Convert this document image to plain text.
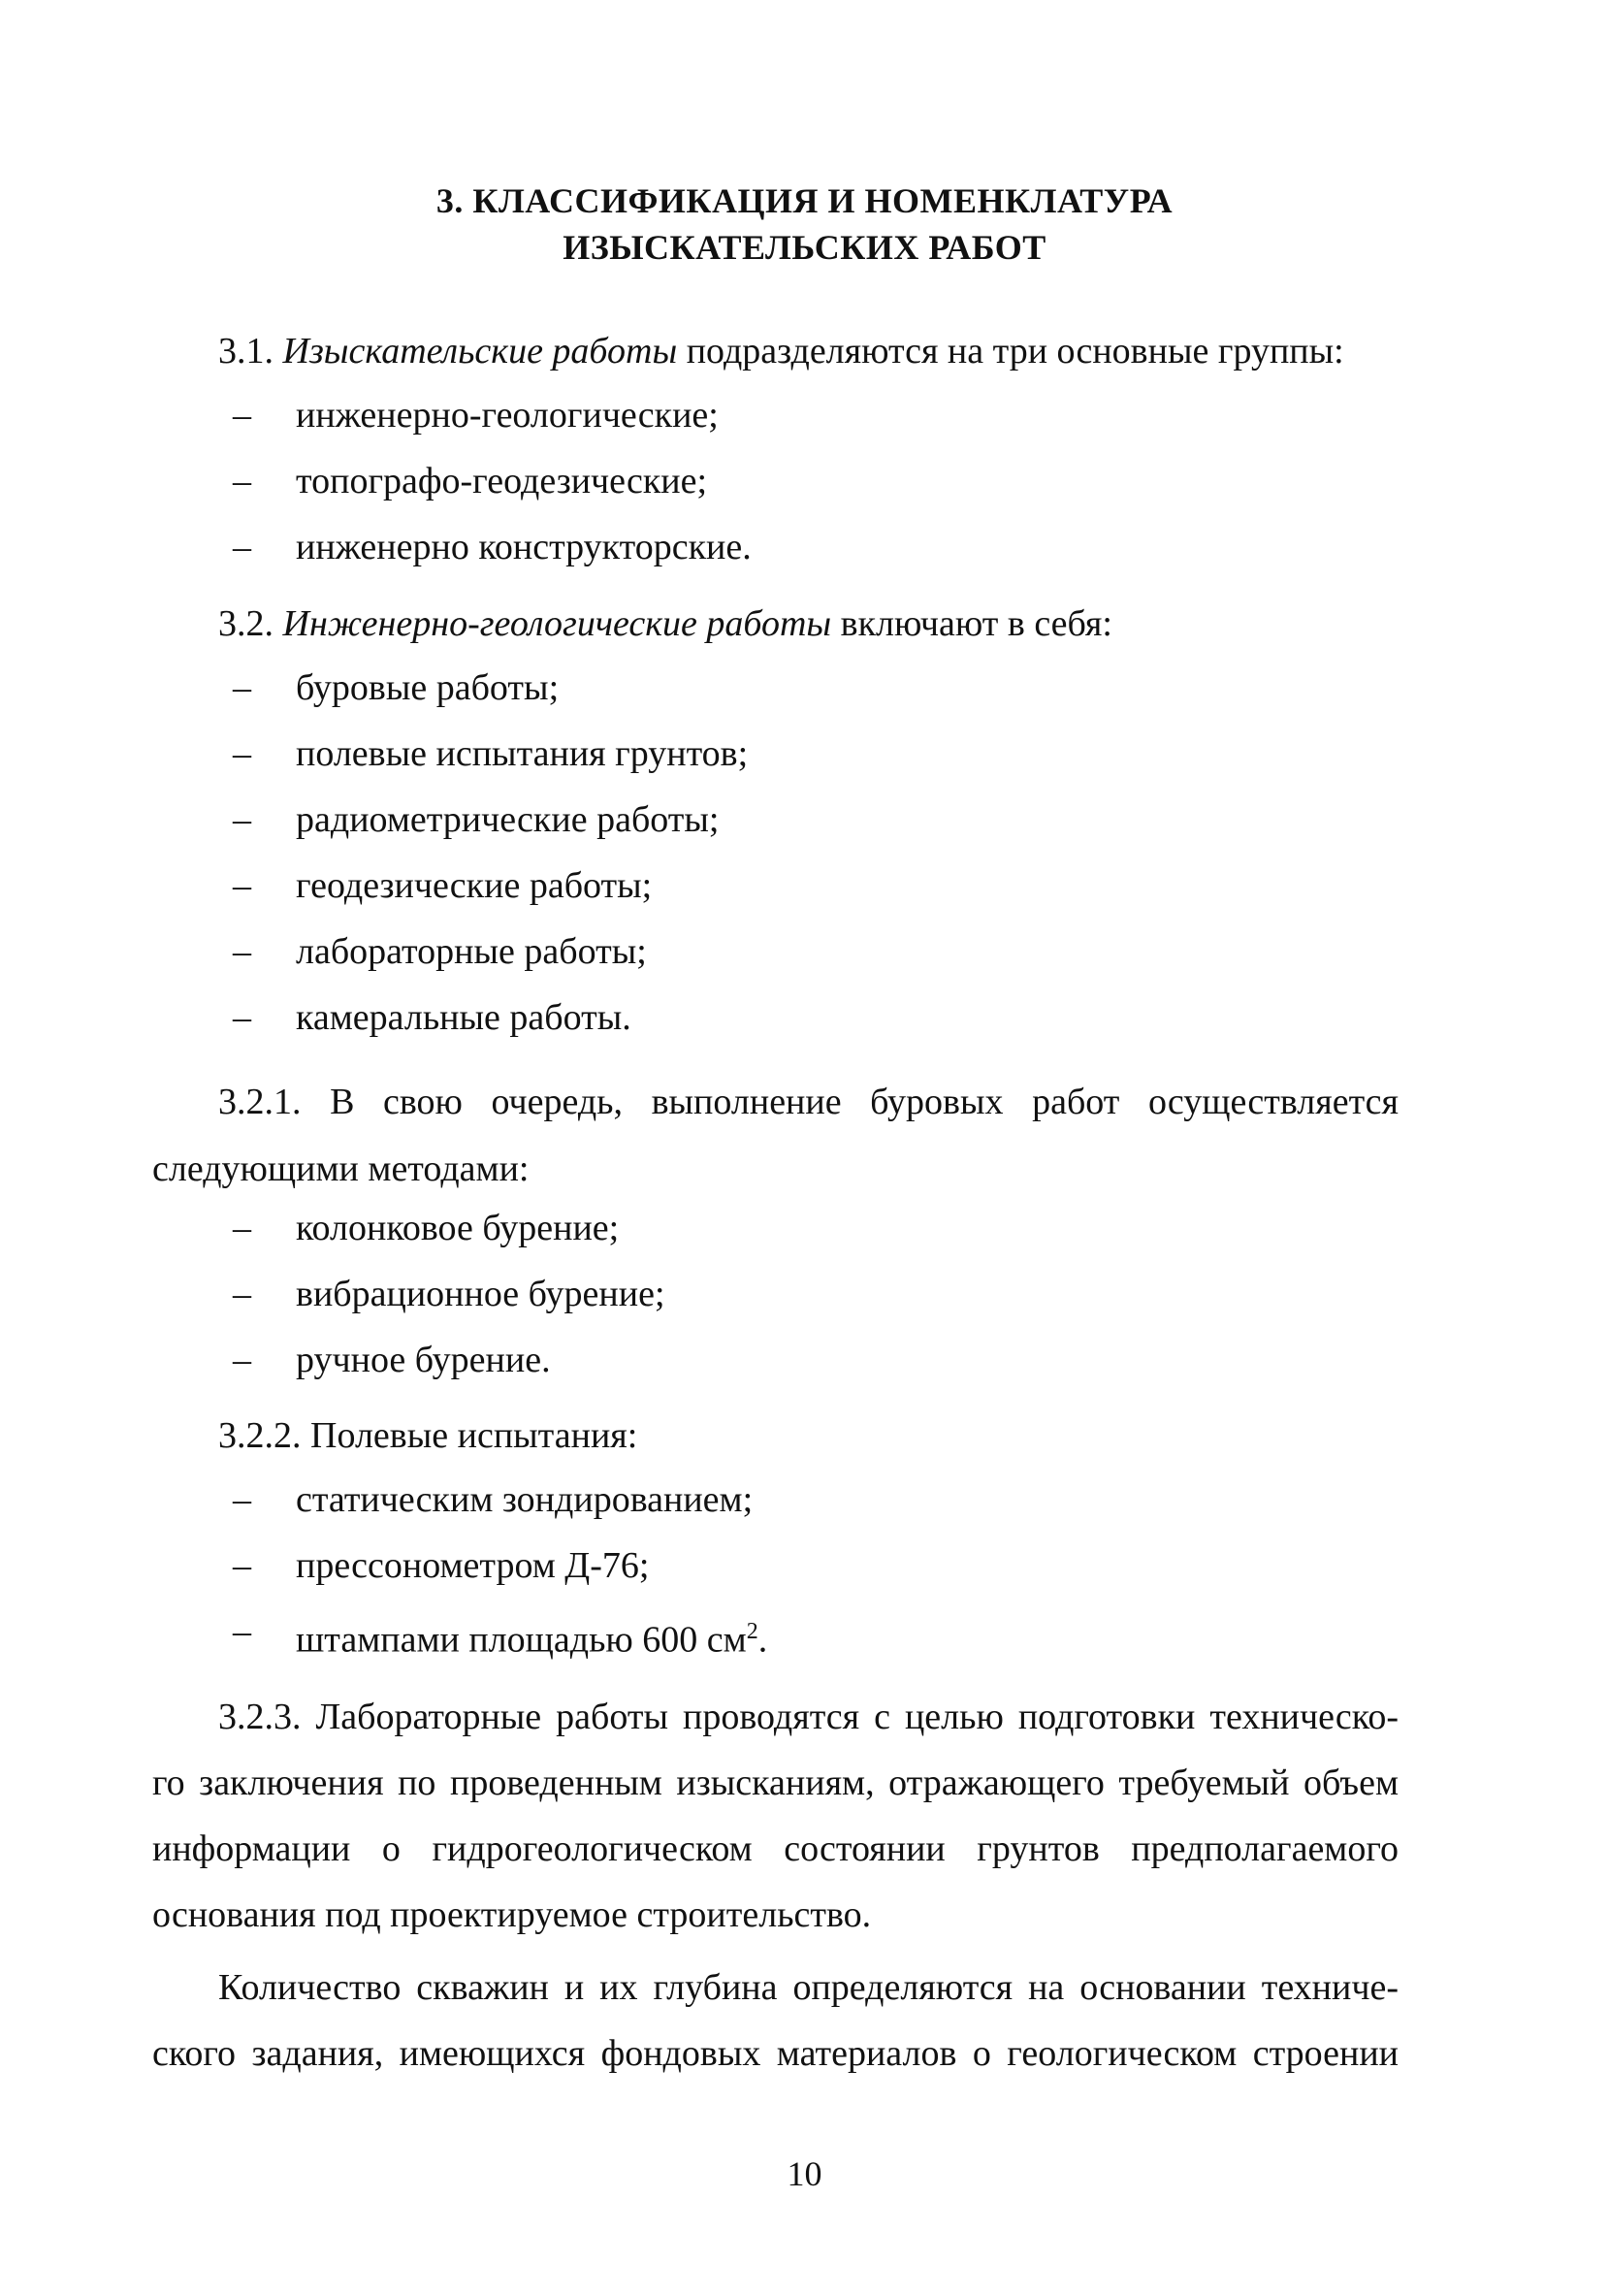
3. КЛАССИФИКАЦИЯ И НОМЕНКЛАТУРА
ИЗЫСКАТЕЛЬСКИХ РАБОТ
3.1. Изыскательские работы подразделяются на три основные группы:
– инженерно-геологические;
– топографо-геодезические;
– инженерно конструкторские.
3.2. Инженерно-геологические работы включают в себя:
– буровые работы;
– полевые испытания грунтов;
– радиометрические работы;
– геодезические работы;
– лабораторные работы;
– камеральные работы.
3.2.1. В свою очередь, выполнение буровых работ осуществляется
следующими методами:
– колонковое бурение;
– вибрационное бурение;
– ручное бурение.
3.2.2. Полевые испытания:
– статическим зондированием;
– прессонометром Д-76;
– штампами площадью 600 $см^2$.
3.2.3. Лабораторные работы проводятся с целью подготовки техническо-
го заключения по проведенным изысканиям, отражающего требуемый объем
информации о гидрогеологическом состоянии грунтов предполагаемого
основания под проектируемое строительство.
Количество скважин и их глубина определяются на основании техниче-
ского задания, имеющихся фондовых материалов о геологическом строении
10
